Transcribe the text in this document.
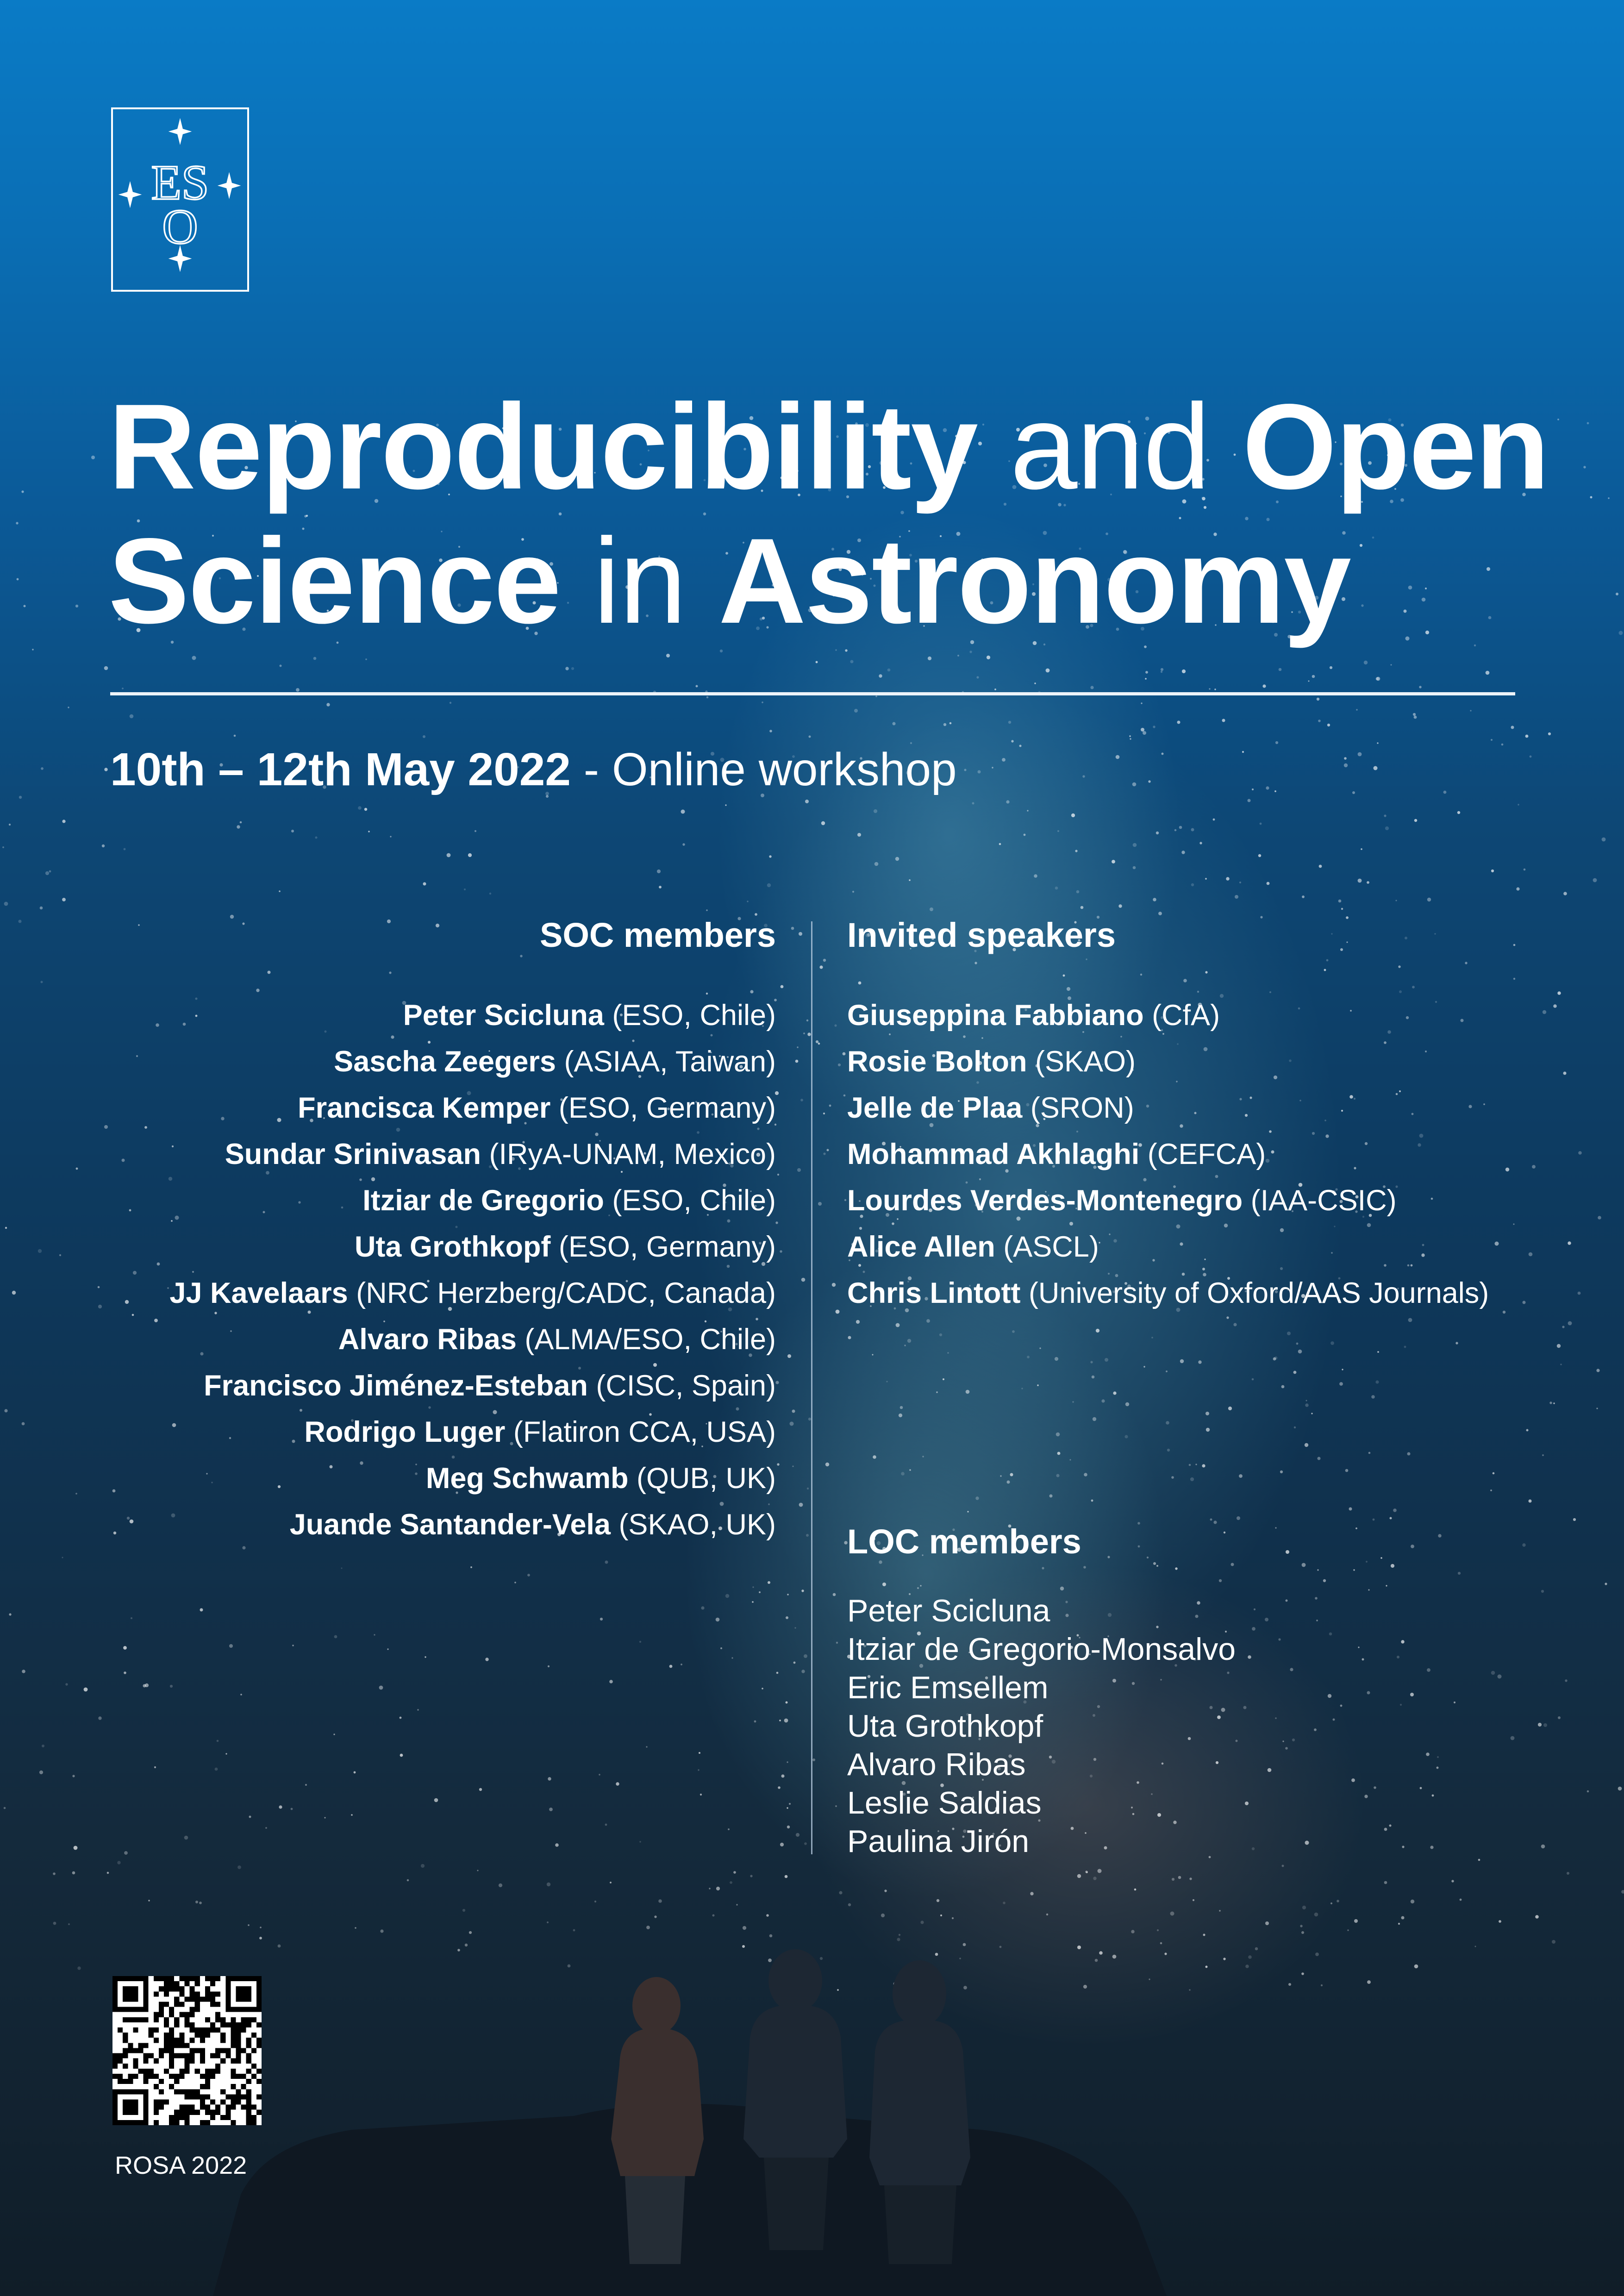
ES
O
Reproducibility and Open
Science in Astronomy
10th – 12th May 2022 - Online workshop
SOC members
Peter Scicluna (ESO, Chile)
Sascha Zeegers (ASIAA, Taiwan)
Francisca Kemper (ESO, Germany)
Sundar Srinivasan (IRyA-UNAM, Mexico)
Itziar de Gregorio (ESO, Chile)
Uta Grothkopf (ESO, Germany)
JJ Kavelaars (NRC Herzberg/CADC, Canada)
Alvaro Ribas (ALMA/ESO, Chile)
Francisco Jiménez-Esteban (CISC, Spain)
Rodrigo Luger (Flatiron CCA, USA)
Meg Schwamb (QUB, UK)
Juande Santander-Vela (SKAO, UK)
Invited speakers
Giuseppina Fabbiano (CfA)
Rosie Bolton (SKAO)
Jelle de Plaa (SRON)
Mohammad Akhlaghi (CEFCA)
Lourdes Verdes-Montenegro (IAA-CSIC)
Alice Allen (ASCL)
Chris Lintott (University of Oxford/AAS Journals)
LOC members
Peter Scicluna
Itziar de Gregorio-Monsalvo
Eric Emsellem
Uta Grothkopf
Alvaro Ribas
Leslie Saldias
Paulina Jirón
ROSA 2022
